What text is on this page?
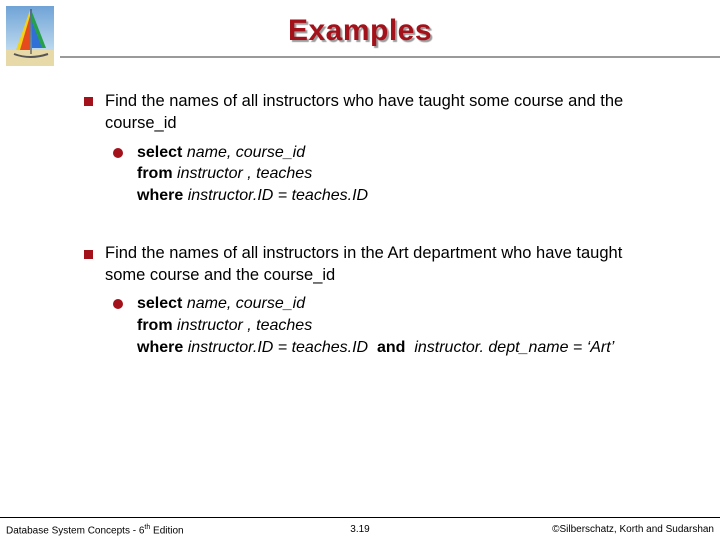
Examples
Find the names of all instructors who have taught some course and the
course_id
select name, course_id
from instructor , teaches
where instructor.ID = teaches.ID
Find the names of all instructors in the Art department who have taught
some course and the course_id
select name, course_id
from instructor , teaches
where instructor.ID = teaches.ID and instructor. dept_name = ‘Art’
Database System Concepts - 6th Edition	3.19	©Silberschatz, Korth and Sudarshan
